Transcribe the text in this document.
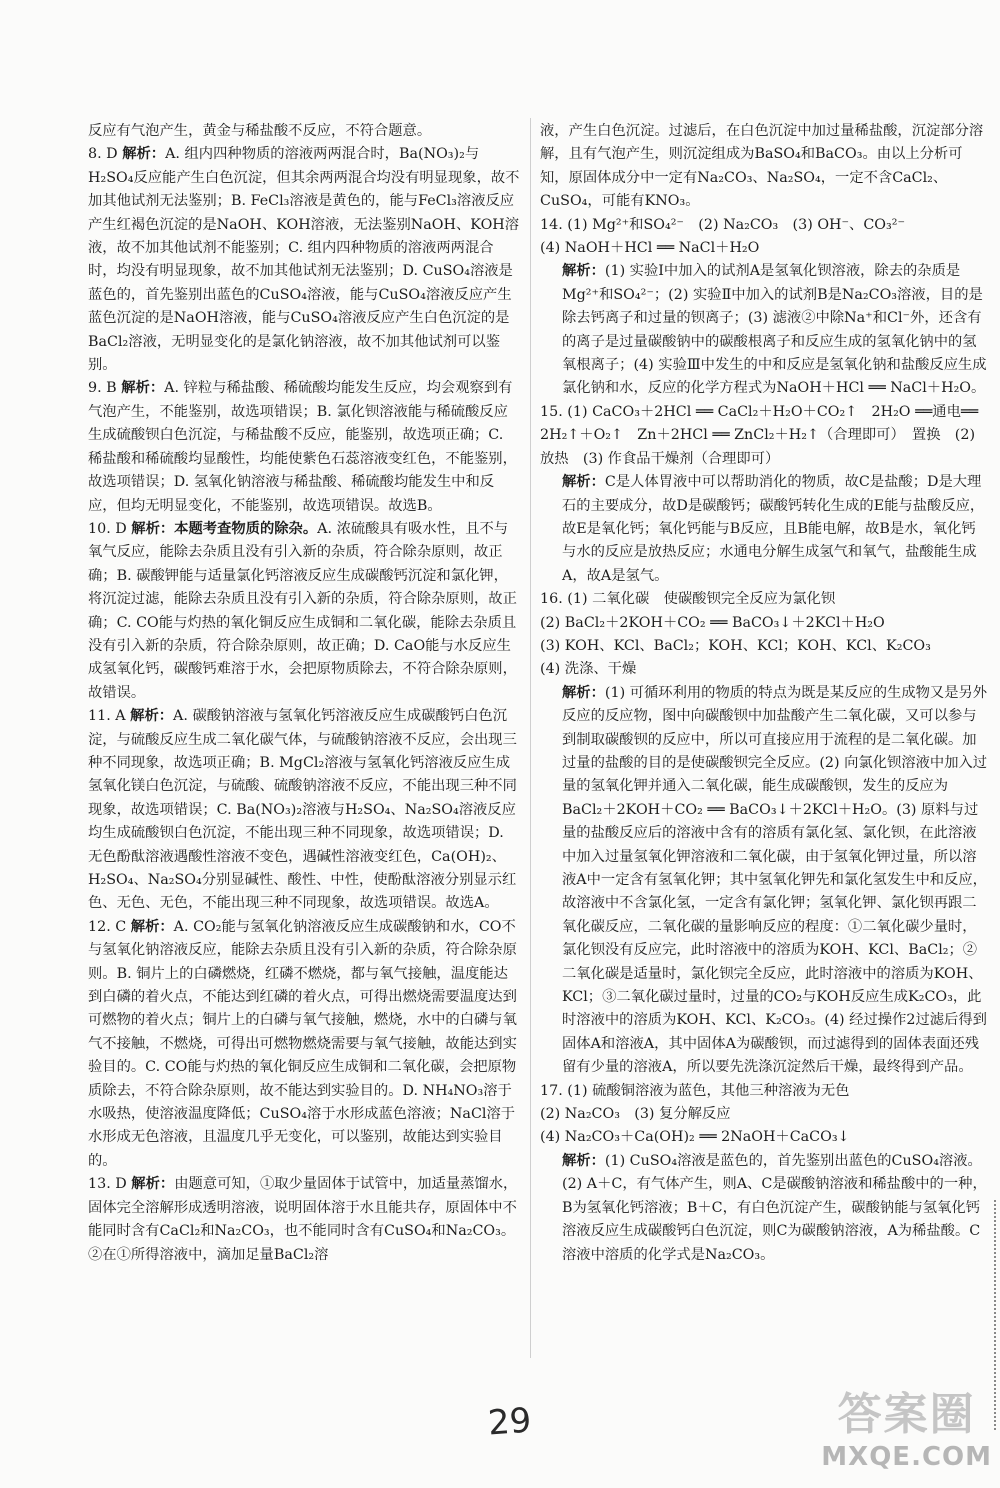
反应有气泡产生，黄金与稀盐酸不反应，不符合题意。

8. D 解析：A. 组内四种物质的溶液两两混合时，Ba(NO₃)₂与H₂SO₄反应能产生白色沉淀，但其余两两混合均没有明显现象，故不加其他试剂无法鉴别；B. FeCl₃溶液是黄色的，能与FeCl₃溶液反应产生红褐色沉淀的是NaOH、KOH溶液，无法鉴别NaOH、KOH溶液，故不加其他试剂不能鉴别；C. 组内四种物质的溶液两两混合时，均没有明显现象，故不加其他试剂无法鉴别；D. CuSO₄溶液是蓝色的，首先鉴别出蓝色的CuSO₄溶液，能与CuSO₄溶液反应产生蓝色沉淀的是NaOH溶液，能与CuSO₄溶液反应产生白色沉淀的是BaCl₂溶液，无明显变化的是氯化钠溶液，故不加其他试剂可以鉴别。

9. B 解析：A. 锌粒与稀盐酸、稀硫酸均能发生反应，均会观察到有气泡产生，不能鉴别，故选项错误；B. 氯化钡溶液能与稀硫酸反应生成硫酸钡白色沉淀，与稀盐酸不反应，能鉴别，故选项正确；C. 稀盐酸和稀硫酸均显酸性，均能使紫色石蕊溶液变红色，不能鉴别，故选项错误；D. 氢氧化钠溶液与稀盐酸、稀硫酸均能发生中和反应，但均无明显变化，不能鉴别，故选项错误。故选B。

10. D 解析：本题考查物质的除杂。A. 浓硫酸具有吸水性，且不与氧气反应，能除去杂质且没有引入新的杂质，符合除杂原则，故正确；B. 碳酸钾能与适量氯化钙溶液反应生成碳酸钙沉淀和氯化钾，将沉淀过滤，能除去杂质且没有引入新的杂质，符合除杂原则，故正确；C. CO能与灼热的氧化铜反应生成铜和二氧化碳，能除去杂质且没有引入新的杂质，符合除杂原则，故正确；D. CaO能与水反应生成氢氧化钙，碳酸钙难溶于水，会把原物质除去，不符合除杂原则，故错误。

11. A 解析：A. 碳酸钠溶液与氢氧化钙溶液反应生成碳酸钙白色沉淀，与硫酸反应生成二氧化碳气体，与硫酸钠溶液不反应，会出现三种不同现象，故选项正确；B. MgCl₂溶液与氢氧化钙溶液反应生成氢氧化镁白色沉淀，与硫酸、硫酸钠溶液不反应，不能出现三种不同现象，故选项错误；C. Ba(NO₃)₂溶液与H₂SO₄、Na₂SO₄溶液反应均生成硫酸钡白色沉淀，不能出现三种不同现象，故选项错误；D. 无色酚酞溶液遇酸性溶液不变色，遇碱性溶液变红色，Ca(OH)₂、H₂SO₄、Na₂SO₄分别显碱性、酸性、中性，使酚酞溶液分别显示红色、无色、无色，不能出现三种不同现象，故选项错误。故选A。

12. C 解析：A. CO₂能与氢氧化钠溶液反应生成碳酸钠和水，CO不与氢氧化钠溶液反应，能除去杂质且没有引入新的杂质，符合除杂原则。B. 铜片上的白磷燃烧，红磷不燃烧，都与氧气接触，温度能达到白磷的着火点，不能达到红磷的着火点，可得出燃烧需要温度达到可燃物的着火点；铜片上的白磷与氧气接触，燃烧，水中的白磷与氧气不接触，不燃烧，可得出可燃物燃烧需要与氧气接触，故能达到实验目的。C. CO能与灼热的氧化铜反应生成铜和二氧化碳，会把原物质除去，不符合除杂原则，故不能达到实验目的。D. NH₄NO₃溶于水吸热，使溶液温度降低；CuSO₄溶于水形成蓝色溶液；NaCl溶于水形成无色溶液，且温度几乎无变化，可以鉴别，故能达到实验目的。

13. D 解析：由题意可知，①取少量固体于试管中，加适量蒸馏水，固体完全溶解形成透明溶液，说明固体溶于水且能共存，原固体中不能同时含有CaCl₂和Na₂CO₃，也不能同时含有CuSO₄和Na₂CO₃。②在①所得溶液中，滴加足量BaCl₂溶

液，产生白色沉淀。过滤后，在白色沉淀中加过量稀盐酸，沉淀部分溶解，且有气泡产生，则沉淀组成为BaSO₄和BaCO₃。由以上分析可知，原固体成分中一定有Na₂CO₃、Na₂SO₄，一定不含CaCl₂、CuSO₄，可能有KNO₃。

14. (1) Mg²⁺和SO₄²⁻　(2) Na₂CO₃　(3) OH⁻、CO₃²⁻
(4) NaOH＋HCl ══ NaCl＋H₂O

解析：(1) 实验Ⅰ中加入的试剂A是氢氧化钡溶液，除去的杂质是Mg²⁺和SO₄²⁻；(2) 实验Ⅱ中加入的试剂B是Na₂CO₃溶液，目的是除去钙离子和过量的钡离子；(3) 滤液②中除Na⁺和Cl⁻外，还含有的离子是过量碳酸钠中的碳酸根离子和反应生成的氢氧化钠中的氢氧根离子；(4) 实验Ⅲ中发生的中和反应是氢氧化钠和盐酸反应生成氯化钠和水，反应的化学方程式为NaOH＋HCl ══ NaCl＋H₂O。

15. (1) CaCO₃＋2HCl ══ CaCl₂＋H₂O＋CO₂↑　2H₂O ══通电══ 2H₂↑＋O₂↑　Zn＋2HCl ══ ZnCl₂＋H₂↑（合理即可）　置换　(2) 放热　(3) 作食品干燥剂（合理即可）

解析：C是人体胃液中可以帮助消化的物质，故C是盐酸；D是大理石的主要成分，故D是碳酸钙；碳酸钙转化生成的E能与盐酸反应，故E是氧化钙；氧化钙能与B反应，且B能电解，故B是水，氧化钙与水的反应是放热反应；水通电分解生成氢气和氧气，盐酸能生成A，故A是氢气。

16. (1) 二氧化碳　使碳酸钡完全反应为氯化钡
(2) BaCl₂＋2KOH＋CO₂ ══ BaCO₃↓＋2KCl＋H₂O
(3) KOH、KCl、BaCl₂；KOH、KCl；KOH、KCl、K₂CO₃
(4) 洗涤、干燥

解析：(1) 可循环利用的物质的特点为既是某反应的生成物又是另外反应的反应物，图中向碳酸钡中加盐酸产生二氧化碳，又可以参与到制取碳酸钡的反应中，所以可直接应用于流程的是二氧化碳。加过量的盐酸的目的是使碳酸钡完全反应。(2) 向氯化钡溶液中加入过量的氢氧化钾并通入二氧化碳，能生成碳酸钡，发生的反应为BaCl₂＋2KOH＋CO₂ ══ BaCO₃↓＋2KCl＋H₂O。(3) 原料与过量的盐酸反应后的溶液中含有的溶质有氯化氢、氯化钡，在此溶液中加入过量氢氧化钾溶液和二氧化碳，由于氢氧化钾过量，所以溶液A中一定含有氢氧化钾；其中氢氧化钾先和氯化氢发生中和反应，故溶液中不含氯化氢，一定含有氯化钾；氢氧化钾、氯化钡再跟二氧化碳反应，二氧化碳的量影响反应的程度：①二氧化碳少量时，氯化钡没有反应完，此时溶液中的溶质为KOH、KCl、BaCl₂；②二氧化碳是适量时，氯化钡完全反应，此时溶液中的溶质为KOH、KCl；③二氧化碳过量时，过量的CO₂与KOH反应生成K₂CO₃，此时溶液中的溶质为KOH、KCl、K₂CO₃。(4) 经过操作2过滤后得到固体A和溶液A，其中固体A为碳酸钡，而过滤得到的固体表面还残留有少量的溶液A，所以要先洗涤沉淀然后干燥，最终得到产品。

17. (1) 硫酸铜溶液为蓝色，其他三种溶液为无色
(2) Na₂CO₃　(3) 复分解反应
(4) Na₂CO₃＋Ca(OH)₂ ══ 2NaOH＋CaCO₃↓

解析：(1) CuSO₄溶液是蓝色的，首先鉴别出蓝色的CuSO₄溶液。(2) A＋C，有气体产生，则A、C是碳酸钠溶液和稀盐酸中的一种，B为氢氧化钙溶液；B＋C，有白色沉淀产生，碳酸钠能与氢氧化钙溶液反应生成碳酸钙白色沉淀，则C为碳酸钠溶液，A为稀盐酸。C溶液中溶质的化学式是Na₂CO₃。

29	答案圈
MXQE.COM
